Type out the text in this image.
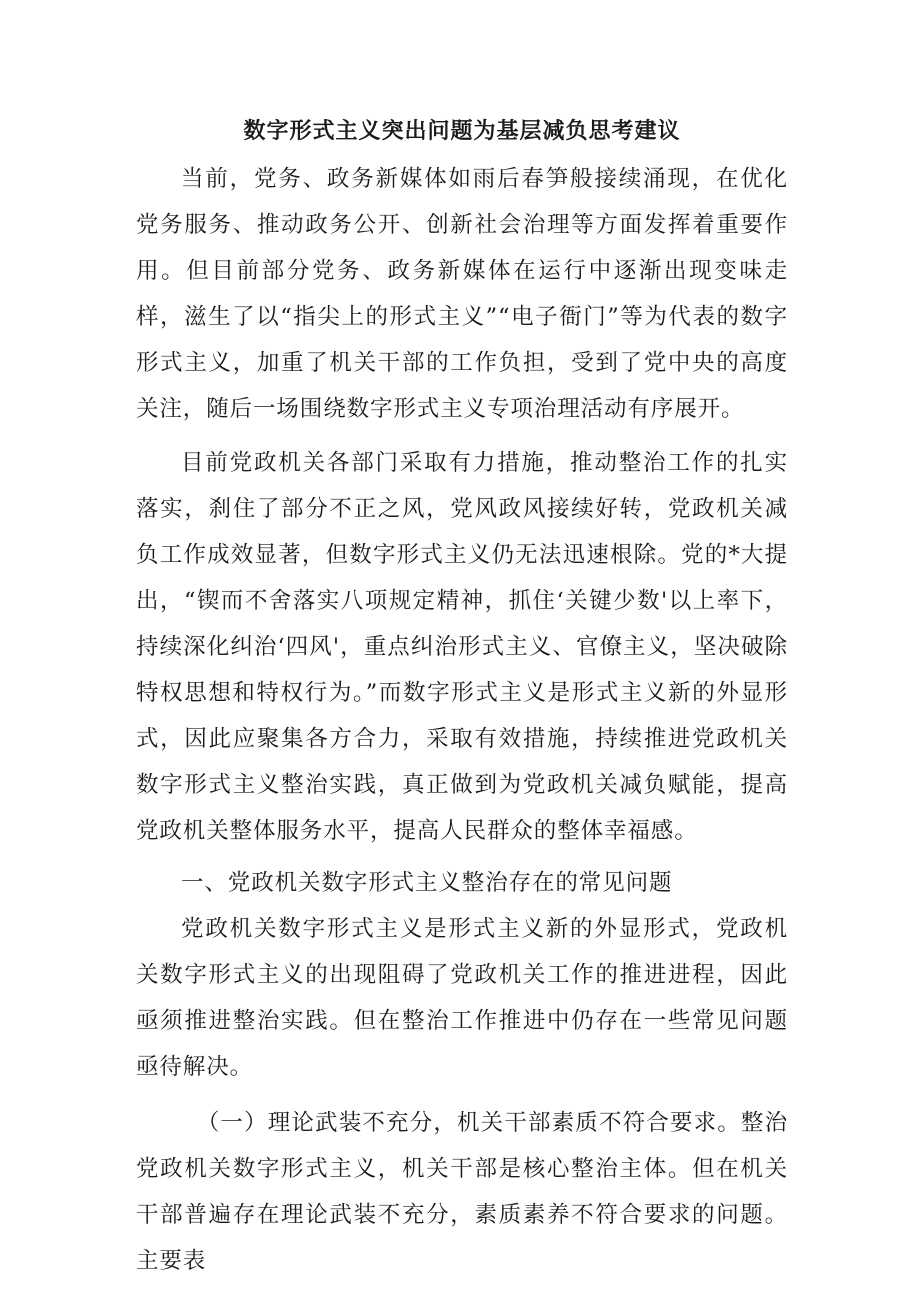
数字形式主义突出问题为基层减负思考建议

当前，党务、政务新媒体如雨后春笋般接续涌现，在优化党务服务、推动政务公开、创新社会治理等方面发挥着重要作用。但目前部分党务、政务新媒体在运行中逐渐出现变味走样，滋生了以“指尖上的形式主义”“电子衙门”等为代表的数字形式主义，加重了机关干部的工作负担，受到了党中央的高度关注，随后一场围绕数字形式主义专项治理活动有序展开。

目前党政机关各部门采取有力措施，推动整治工作的扎实落实，刹住了部分不正之风，党风政风接续好转，党政机关减负工作成效显著，但数字形式主义仍无法迅速根除。党的*大提出，“锲而不舍落实八项规定精神，抓住‘关键少数'以上率下，持续深化纠治‘四风'，重点纠治形式主义、官僚主义，坚决破除特权思想和特权行为。”而数字形式主义是形式主义新的外显形式，因此应聚集各方合力，采取有效措施，持续推进党政机关数字形式主义整治实践，真正做到为党政机关减负赋能，提高党政机关整体服务水平，提高人民群众的整体幸福感。

一、党政机关数字形式主义整治存在的常见问题

党政机关数字形式主义是形式主义新的外显形式，党政机关数字形式主义的出现阻碍了党政机关工作的推进进程，因此亟须推进整治实践。但在整治工作推进中仍存在一些常见问题亟待解决。

（一）理论武装不充分，机关干部素质不符合要求。整治党政机关数字形式主义，机关干部是核心整治主体。但在机关干部普遍存在理论武装不充分，素质素养不符合要求的问题。主要表
